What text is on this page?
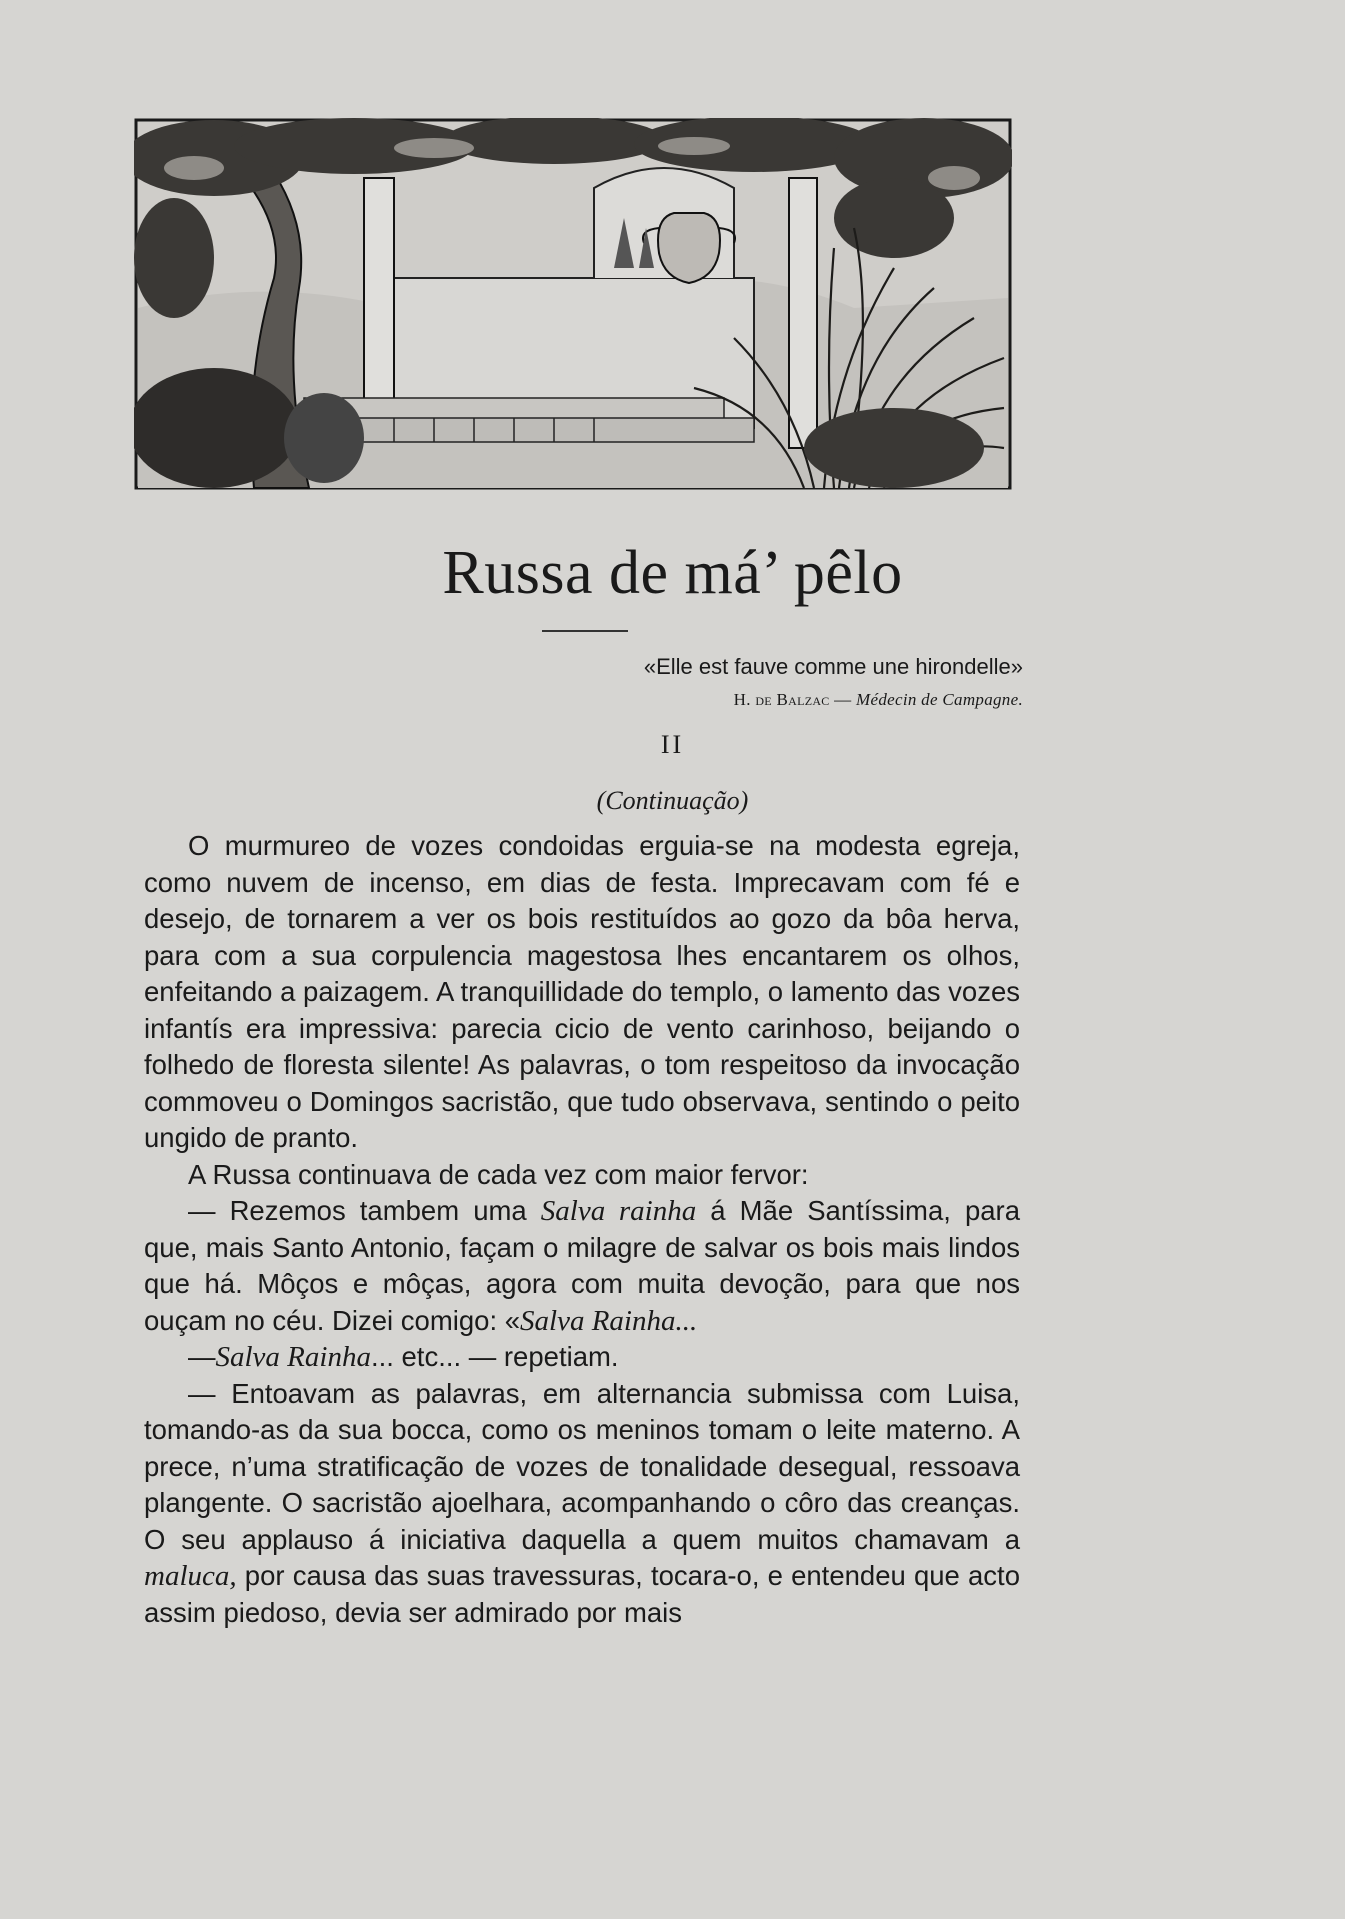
Russa de má’ pêlo
«Elle est fauve comme une hirondelle»
H. de Balzac — Médecin de Campagne.
II
(Continuação)

O murmureo de vozes condoidas erguia-se na modesta egreja, como nuvem de incenso, em dias de festa. Imprecavam com fé e desejo, de tornarem a ver os bois restituídos ao gozo da bôa herva, para com a sua corpulencia magestosa lhes encantarem os olhos, enfeitando a paizagem. A tranquillidade do templo, o lamento das vozes infantís era impressiva: parecia cicio de vento carinhoso, beijando o folhedo de floresta silente! As palavras, o tom respeitoso da invocação commoveu o Domingos sacristão, que tudo observava, sentindo o peito ungido de pranto.

A Russa continuava de cada vez com maior fervor:

— Rezemos tambem uma Salva rainha á Mãe Santíssima, para que, mais Santo Antonio, façam o milagre de salvar os bois mais lindos que há. Môços e môças, agora com muita devoção, para que nos ouçam no céu. Dizei comigo: «Salva Rainha...

—Salva Rainha... etc... — repetiam.

— Entoavam as palavras, em alternancia submissa com Luisa, tomando-as da sua bocca, como os meninos tomam o leite materno. A prece, n’uma stratificação de vozes de tonalidade desegual, ressoava plangente. O sacristão ajoelhara, acompanhando o côro das creanças. O seu applauso á iniciativa daquella a quem muitos chamavam a maluca, por causa das suas travessuras, tocara-o, e entendeu que acto assim piedoso, devia ser admirado por mais
